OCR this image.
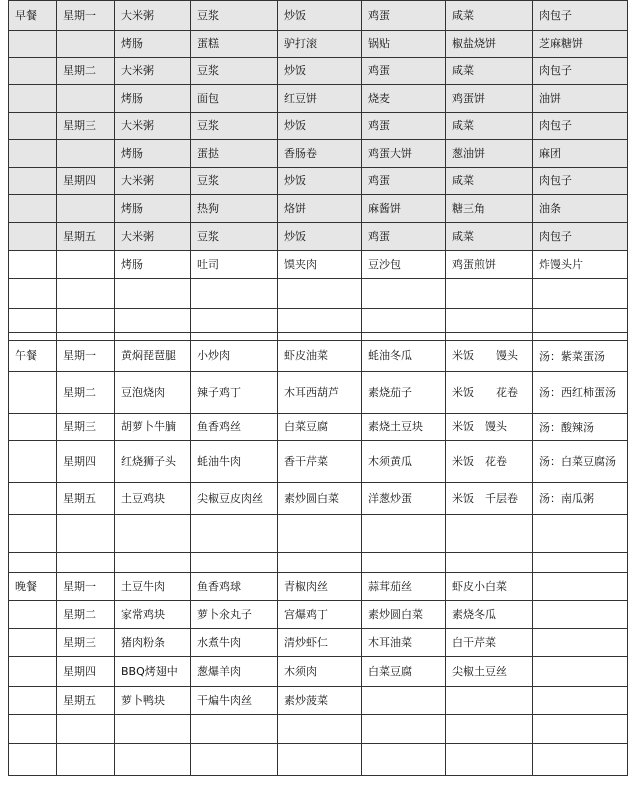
早餐	星期一	大米粥	豆浆	炒饭	鸡蛋	咸菜	肉包子
		烤肠	蛋糕	驴打滚	锅贴	椒盐烧饼	芝麻糖饼
	星期二	大米粥	豆浆	炒饭	鸡蛋	咸菜	肉包子
		烤肠	面包	红豆饼	烧麦	鸡蛋饼	油饼
	星期三	大米粥	豆浆	炒饭	鸡蛋	咸菜	肉包子
		烤肠	蛋挞	香肠卷	鸡蛋大饼	葱油饼	麻团
	星期四	大米粥	豆浆	炒饭	鸡蛋	咸菜	肉包子
		烤肠	热狗	烙饼	麻酱饼	糖三角	油条
	星期五	大米粥	豆浆	炒饭	鸡蛋	咸菜	肉包子
		烤肠	吐司	馍夹肉	豆沙包	鸡蛋煎饼	炸馒头片

午餐	星期一	黄焖琵琶腿	小炒肉	虾皮油菜	蚝油冬瓜	米饭　　馒头	汤：紫菜蛋汤
	星期二	豆泡烧肉	辣子鸡丁	木耳西葫芦	素烧茄子	米饭　　花卷	汤：西红柿蛋汤
	星期三	胡萝卜牛腩	鱼香鸡丝	白菜豆腐	素烧土豆块	米饭　馒头	汤：酸辣汤
	星期四	红烧狮子头	蚝油牛肉	香干芹菜	木须黄瓜	米饭　花卷	汤：白菜豆腐汤
	星期五	土豆鸡块	尖椒豆皮肉丝	素炒圆白菜	洋葱炒蛋	米饭　千层卷	汤：南瓜粥

晚餐	星期一	土豆牛肉	鱼香鸡球	青椒肉丝	蒜茸茄丝	虾皮小白菜	
	星期二	家常鸡块	萝卜氽丸子	宫爆鸡丁	素炒圆白菜	素烧冬瓜	
	星期三	猪肉粉条	水煮牛肉	清炒虾仁	木耳油菜	白干芹菜	
	星期四	BBQ烤翅中	葱爆羊肉	木须肉	白菜豆腐	尖椒土豆丝	
	星期五	萝卜鸭块	干煸牛肉丝	素炒菠菜			
